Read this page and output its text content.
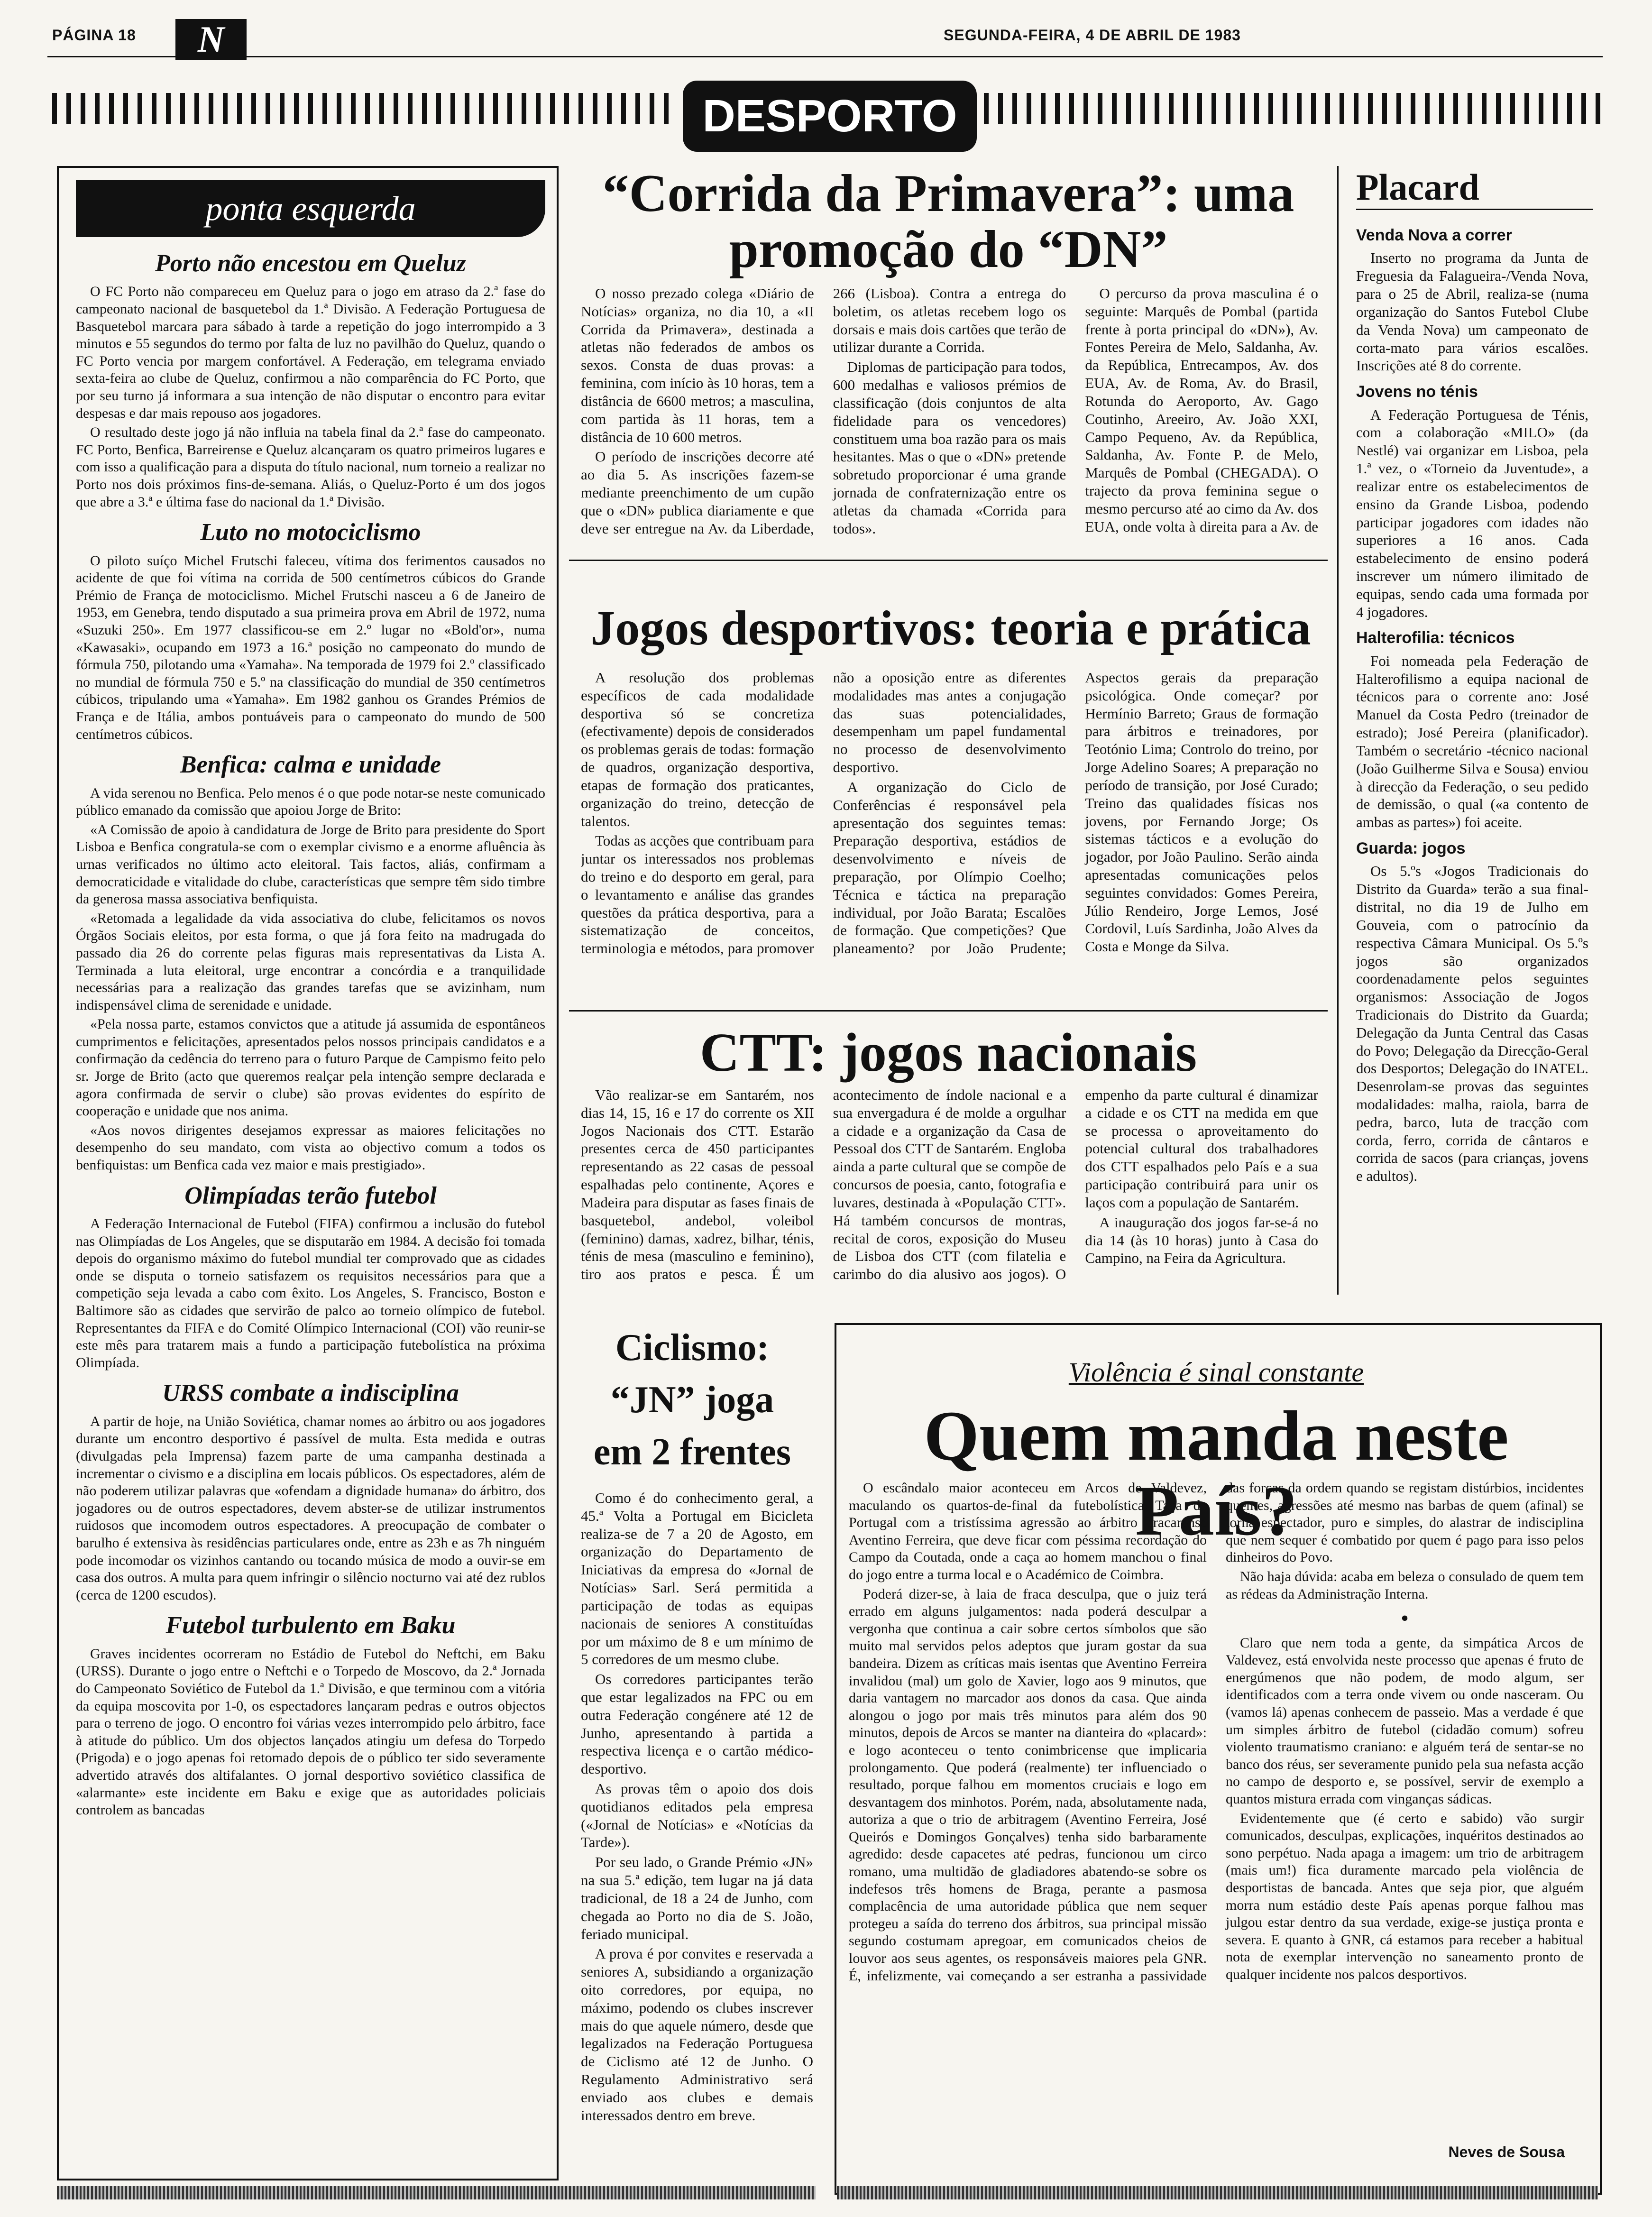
PÁGINA 18	N	SEGUNDA-FEIRA, 4 DE ABRIL DE 1983
DESPORTO
ponta esquerda
Porto não encestou em Queluz

O FC Porto não compareceu em Queluz para o jogo em atraso da 2.ª fase do campeonato nacional de basquetebol da 1.ª Divisão. A Federação Portuguesa de Basquetebol marcara para sábado à tarde a repetição do jogo interrompido a 3 minutos e 55 segundos do termo por falta de luz no pavilhão do Queluz, quando o FC Porto vencia por margem confortável. A Federação, em telegrama enviado sexta-feira ao clube de Queluz, confirmou a não comparência do FC Porto, que por seu turno já informara a sua intenção de não disputar o encontro para evitar despesas e dar mais repouso aos jogadores.

O resultado deste jogo já não influia na tabela final da 2.ª fase do campeonato. FC Porto, Benfica, Barreirense e Queluz alcançaram os quatro primeiros lugares e com isso a qualificação para a disputa do título nacional, num torneio a realizar no Porto nos dois próximos fins-de-semana. Aliás, o Queluz-Porto é um dos jogos que abre a 3.ª e última fase do nacional da 1.ª Divisão.

Luto no motociclismo

O piloto suíço Michel Frutschi faleceu, vítima dos ferimentos causados no acidente de que foi vítima na corrida de 500 centímetros cúbicos do Grande Prémio de França de motociclismo. Michel Frutschi nasceu a 6 de Janeiro de 1953, em Genebra, tendo disputado a sua primeira prova em Abril de 1972, numa «Suzuki 250». Em 1977 classificou-se em 2.º lugar no «Bold'or», numa «Kawasaki», ocupando em 1973 a 16.ª posição no campeonato do mundo de fórmula 750, pilotando uma «Yamaha». Na temporada de 1979 foi 2.º classificado no mundial de fórmula 750 e 5.º na classificação do mundial de 350 centímetros cúbicos, tripulando uma «Yamaha». Em 1982 ganhou os Grandes Prémios de França e de Itália, ambos pontuáveis para o campeonato do mundo de 500 centímetros cúbicos.

Benfica: calma e unidade

A vida serenou no Benfica. Pelo menos é o que pode notar-se neste comunicado público emanado da comissão que apoiou Jorge de Brito:

«A Comissão de apoio à candidatura de Jorge de Brito para presidente do Sport Lisboa e Benfica congratula-se com o exemplar civismo e a enorme afluência às urnas verificados no último acto eleitoral. Tais factos, aliás, confirmam a democraticidade e vitalidade do clube, características que sempre têm sido timbre da generosa massa associativa benfiquista.

«Retomada a legalidade da vida associativa do clube, felicitamos os novos Órgãos Sociais eleitos, por esta forma, o que já fora feito na madrugada do passado dia 26 do corrente pelas figuras mais representativas da Lista A. Terminada a luta eleitoral, urge encontrar a concórdia e a tranquilidade necessárias para a realização das grandes tarefas que se avizinham, num indispensável clima de serenidade e unidade.

«Pela nossa parte, estamos convictos que a atitude já assumida de espontâneos cumprimentos e felicitações, apresentados pelos nossos principais candidatos e a confirmação da cedência do terreno para o futuro Parque de Campismo feito pelo sr. Jorge de Brito (acto que queremos realçar pela intenção sempre declarada e agora confirmada de servir o clube) são provas evidentes do espírito de cooperação e unidade que nos anima.

«Aos novos dirigentes desejamos expressar as maiores felicitações no desempenho do seu mandato, com vista ao objectivo comum a todos os benfiquistas: um Benfica cada vez maior e mais prestigiado».

Olimpíadas terão futebol

A Federação Internacional de Futebol (FIFA) confirmou a inclusão do futebol nas Olimpíadas de Los Angeles, que se disputarão em 1984. A decisão foi tomada depois do organismo máximo do futebol mundial ter comprovado que as cidades onde se disputa o torneio satisfazem os requisitos necessários para que a competição seja levada a cabo com êxito. Los Angeles, S. Francisco, Boston e Baltimore são as cidades que servirão de palco ao torneio olímpico de futebol. Representantes da FIFA e do Comité Olímpico Internacional (COI) vão reunir-se este mês para tratarem mais a fundo a participação futebolística na próxima Olimpíada.

URSS combate a indisciplina

A partir de hoje, na União Soviética, chamar nomes ao árbitro ou aos jogadores durante um encontro desportivo é passível de multa. Esta medida e outras (divulgadas pela Imprensa) fazem parte de uma campanha destinada a incrementar o civismo e a disciplina em locais públicos. Os espectadores, além de não poderem utilizar palavras que «ofendam a dignidade humana» do árbitro, dos jogadores ou de outros espectadores, devem abster-se de utilizar instrumentos ruidosos que incomodem outros espectadores. A preocupação de combater o barulho é extensiva às residências particulares onde, entre as 23h e as 7h ninguém pode incomodar os vizinhos cantando ou tocando música de modo a ouvir-se em casa dos outros. A multa para quem infringir o silêncio nocturno vai até dez rublos (cerca de 1200 escudos).

Futebol turbulento em Baku

Graves incidentes ocorreram no Estádio de Futebol do Neftchi, em Baku (URSS). Durante o jogo entre o Neftchi e o Torpedo de Moscovo, da 2.ª Jornada do Campeonato Soviético de Futebol da 1.ª Divisão, e que terminou com a vitória da equipa moscovita por 1-0, os espectadores lançaram pedras e outros objectos para o terreno de jogo. O encontro foi várias vezes interrompido pelo árbitro, face à atitude do público. Um dos objectos lançados atingiu um defesa do Torpedo (Prigoda) e o jogo apenas foi retomado depois de o público ter sido severamente advertido através dos altifalantes. O jornal desportivo soviético classifica de «alarmante» este incidente em Baku e exige que as autoridades policiais controlem as bancadas

“Corrida da Primavera”: uma promoção do “DN”

O nosso prezado colega «Diário de Notícias» organiza, no dia 10, a «II Corrida da Primavera», destinada a atletas não federados de ambos os sexos. Consta de duas provas: a feminina, com início às 10 horas, tem a distância de 6600 metros; a masculina, com partida às 11 horas, tem a distância de 10 600 metros.

O período de inscrições decorre até ao dia 5. As inscrições fazem-se mediante preenchimento de um cupão que o «DN» publica diariamente e que deve ser entregue na Av. da Liberdade, 266 (Lisboa). Contra a entrega do boletim, os atletas recebem logo os dorsais e mais dois cartões que terão de utilizar durante a Corrida.

Diplomas de participação para todos, 600 medalhas e valiosos prémios de classificação (dois conjuntos de alta fidelidade para os vencedores) constituem uma boa razão para os mais hesitantes. Mas o que o «DN» pretende sobretudo proporcionar é uma grande jornada de confraternização entre os atletas da chamada «Corrida para todos».

O percurso da prova masculina é o seguinte: Marquês de Pombal (partida frente à porta principal do «DN»), Av. Fontes Pereira de Melo, Saldanha, Av. da República, Entrecampos, Av. dos EUA, Av. de Roma, Av. do Brasil, Rotunda do Aeroporto, Av. Gago Coutinho, Areeiro, Av. João XXI, Campo Pequeno, Av. da República, Saldanha, Av. Fonte P. de Melo, Marquês de Pombal (CHEGADA). O trajecto da prova feminina segue o mesmo percurso até ao cimo da Av. dos EUA, onde volta à direita para a Av. de

Jogos desportivos: teoria e prática

A resolução dos problemas específicos de cada modalidade desportiva só se concretiza (efectivamente) depois de considerados os problemas gerais de todas: formação de quadros, organização desportiva, etapas de formação dos praticantes, organização do treino, detecção de talentos.

Todas as acções que contribuam para juntar os interessados nos problemas do treino e do desporto em geral, para o levantamento e análise das grandes questões da prática desportiva, para a sistematização de conceitos, terminologia e métodos, para promover não a oposição entre as diferentes modalidades mas antes a conjugação das suas potencialidades, desempenham um papel fundamental no processo de desenvolvimento desportivo.

A organização do Ciclo de Conferências é responsável pela apresentação dos seguintes temas: Preparação desportiva, estádios de desenvolvimento e níveis de preparação, por Olímpio Coelho; Técnica e táctica na preparação individual, por João Barata; Escalões de formação. Que competições? Que planeamento? por João Prudente; Aspectos gerais da preparação psicológica. Onde começar? por Hermínio Barreto; Graus de formação para árbitros e treinadores, por Teotónio Lima; Controlo do treino, por Jorge Adelino Soares; A preparação no período de transição, por José Curado; Treino das qualidades físicas nos jovens, por Fernando Jorge; Os sistemas tácticos e a evolução do jogador, por João Paulino. Serão ainda apresentadas comunicações pelos seguintes convidados: Gomes Pereira, Júlio Rendeiro, Jorge Lemos, José Cordovil, Luís Sardinha, João Alves da Costa e Monge da Silva.

CTT: jogos nacionais

Vão realizar-se em Santarém, nos dias 14, 15, 16 e 17 do corrente os XII Jogos Nacionais dos CTT. Estarão presentes cerca de 450 participantes representando as 22 casas de pessoal espalhadas pelo continente, Açores e Madeira para disputar as fases finais de basquetebol, andebol, voleibol (feminino) damas, xadrez, bilhar, ténis, ténis de mesa (masculino e feminino), tiro aos pratos e pesca. É um acontecimento de índole nacional e a sua envergadura é de molde a orgulhar a cidade e a organização da Casa de Pessoal dos CTT de Santarém. Engloba ainda a parte cultural que se compõe de concursos de poesia, canto, fotografia e luvares, destinada à «População CTT». Há também concursos de montras, recital de coros, exposição do Museu de Lisboa dos CTT (com filatelia e carimbo do dia alusivo aos jogos). O empenho da parte cultural é dinamizar a cidade e os CTT na medida em que se processa o aproveitamento do potencial cultural dos trabalhadores dos CTT espalhados pelo País e a sua participação contribuirá para unir os laços com a população de Santarém.

A inauguração dos jogos far-se-á no dia 14 (às 10 horas) junto à Casa do Campino, na Feira da Agricultura.

Placard
Venda Nova a correr

Inserto no programa da Junta de Freguesia da Falagueira-/Venda Nova, para o 25 de Abril, realiza-se (numa organização do Santos Futebol Clube da Venda Nova) um campeonato de corta-mato para vários escalões. Inscrições até 8 do corrente.

Jovens no ténis

A Federação Portuguesa de Ténis, com a colaboração «MILO» (da Nestlé) vai organizar em Lisboa, pela 1.ª vez, o «Torneio da Juventude», a realizar entre os estabelecimentos de ensino da Grande Lisboa, podendo participar jogadores com idades não superiores a 16 anos. Cada estabelecimento de ensino poderá inscrever um número ilimitado de equipas, sendo cada uma formada por 4 jogadores.

Halterofilia: técnicos

Foi nomeada pela Federação de Halterofilismo a equipa nacional de técnicos para o corrente ano: José Manuel da Costa Pedro (treinador de estrado); José Pereira (planificador). Também o secretário -técnico nacional (João Guilherme Silva e Sousa) enviou à direcção da Federação, o seu pedido de demissão, o qual («a contento de ambas as partes») foi aceite.

Guarda: jogos

Os 5.ºs «Jogos Tradicionais do Distrito da Guarda» terão a sua final-distrital, no dia 19 de Julho em Gouveia, com o patrocínio da respectiva Câmara Municipal. Os 5.ºs jogos são organizados coordenadamente pelos seguintes organismos: Associação de Jogos Tradicionais do Distrito da Guarda; Delegação da Junta Central das Casas do Povo; Delegação da Direcção-Geral dos Desportos; Delegação do INATEL. Desenrolam-se provas das seguintes modalidades: malha, raiola, barra de pedra, barco, luta de tracção com corda, ferro, corrida de cântaros e corrida de sacos (para crianças, jovens e adultos).

Ciclismo:
“JN” joga
em 2 frentes

Como é do conhecimento geral, a 45.ª Volta a Portugal em Bicicleta realiza-se de 7 a 20 de Agosto, em organização do Departamento de Iniciativas da empresa do «Jornal de Notícias» Sarl. Será permitida a participação de todas as equipas nacionais de seniores A constituídas por um máximo de 8 e um mínimo de 5 corredores de um mesmo clube.

Os corredores participantes terão que estar legalizados na FPC ou em outra Federação congénere até 12 de Junho, apresentando à partida a respectiva licença e o cartão médico-desportivo.

As provas têm o apoio dos dois quotidianos editados pela empresa («Jornal de Notícias» e «Notícias da Tarde»).

Por seu lado, o Grande Prémio «JN» na sua 5.ª edição, tem lugar na já data tradicional, de 18 a 24 de Junho, com chegada ao Porto no dia de S. João, feriado municipal.

A prova é por convites e reservada a seniores A, subsidiando a organização oito corredores, por equipa, no máximo, podendo os clubes inscrever mais do que aquele número, desde que legalizados na Federação Portuguesa de Ciclismo até 12 de Junho. O Regulamento Administrativo será enviado aos clubes e demais interessados dentro em breve.

Violência é sinal constante
Quem manda neste País?

O escândalo maior aconteceu em Arcos de Valdevez, maculando os quartos-de-final da futebolística Taça de Portugal com a tristíssima agressão ao árbitro bracarense Aventino Ferreira, que deve ficar com péssima recordação do Campo da Coutada, onde a caça ao homem manchou o final do jogo entre a turma local e o Académico de Coimbra.

Poderá dizer-se, à laia de fraca desculpa, que o juiz terá errado em alguns julgamentos: nada poderá desculpar a vergonha que continua a cair sobre certos símbolos que são muito mal servidos pelos adeptos que juram gostar da sua bandeira. Dizem as críticas mais isentas que Aventino Ferreira invalidou (mal) um golo de Xavier, logo aos 9 minutos, que daria vantagem no marcador aos donos da casa. Que ainda alongou o jogo por mais três minutos para além dos 90 minutos, depois de Arcos se manter na dianteira do «placard»: e logo aconteceu o tento conimbricense que implicaria prolongamento. Que poderá (realmente) ter influenciado o resultado, porque falhou em momentos cruciais e logo em desvantagem dos minhotos. Porém, nada, absolutamente nada, autoriza a que o trio de arbitragem (Aventino Ferreira, José Queirós e Domingos Gonçalves) tenha sido barbaramente agredido: desde capacetes até pedras, funcionou um circo romano, uma multidão de gladiadores abatendo-se sobre os indefesos três homens de Braga, perante a pasmosa complacência de uma autoridade pública que nem sequer protegeu a saída do terreno dos árbitros, sua principal missão segundo costumam apregoar, em comunicados cheios de louvor aos seus agentes, os responsáveis maiores pela GNR. É, infelizmente, vai começando a ser estranha a passividade das forças da ordem quando se registam distúrbios, incidentes quentes, agressões até mesmo nas barbas de quem (afinal) se torna espectador, puro e simples, do alastrar de indisciplina que nem sequer é combatido por quem é pago para isso pelos dinheiros do Povo.

Não haja dúvida: acaba em beleza o consulado de quem tem as rédeas da Administração Interna.

•

Claro que nem toda a gente, da simpática Arcos de Valdevez, está envolvida neste processo que apenas é fruto de energúmenos que não podem, de modo algum, ser identificados com a terra onde vivem ou onde nasceram. Ou (vamos lá) apenas conhecem de passeio. Mas a verdade é que um simples árbitro de futebol (cidadão comum) sofreu violento traumatismo craniano: e alguém terá de sentar-se no banco dos réus, ser severamente punido pela sua nefasta acção no campo de desporto e, se possível, servir de exemplo a quantos mistura errada com vinganças sádicas.

Evidentemente que (é certo e sabido) vão surgir comunicados, desculpas, explicações, inquéritos destinados ao sono perpétuo. Nada apaga a imagem: um trio de arbitragem (mais um!) fica duramente marcado pela violência de desportistas de bancada. Antes que seja pior, que alguém morra num estádio deste País apenas porque falhou mas julgou estar dentro da sua verdade, exige-se justiça pronta e severa. E quanto à GNR, cá estamos para receber a habitual nota de exemplar intervenção no saneamento pronto de qualquer incidente nos palcos desportivos.

Neves de Sousa
